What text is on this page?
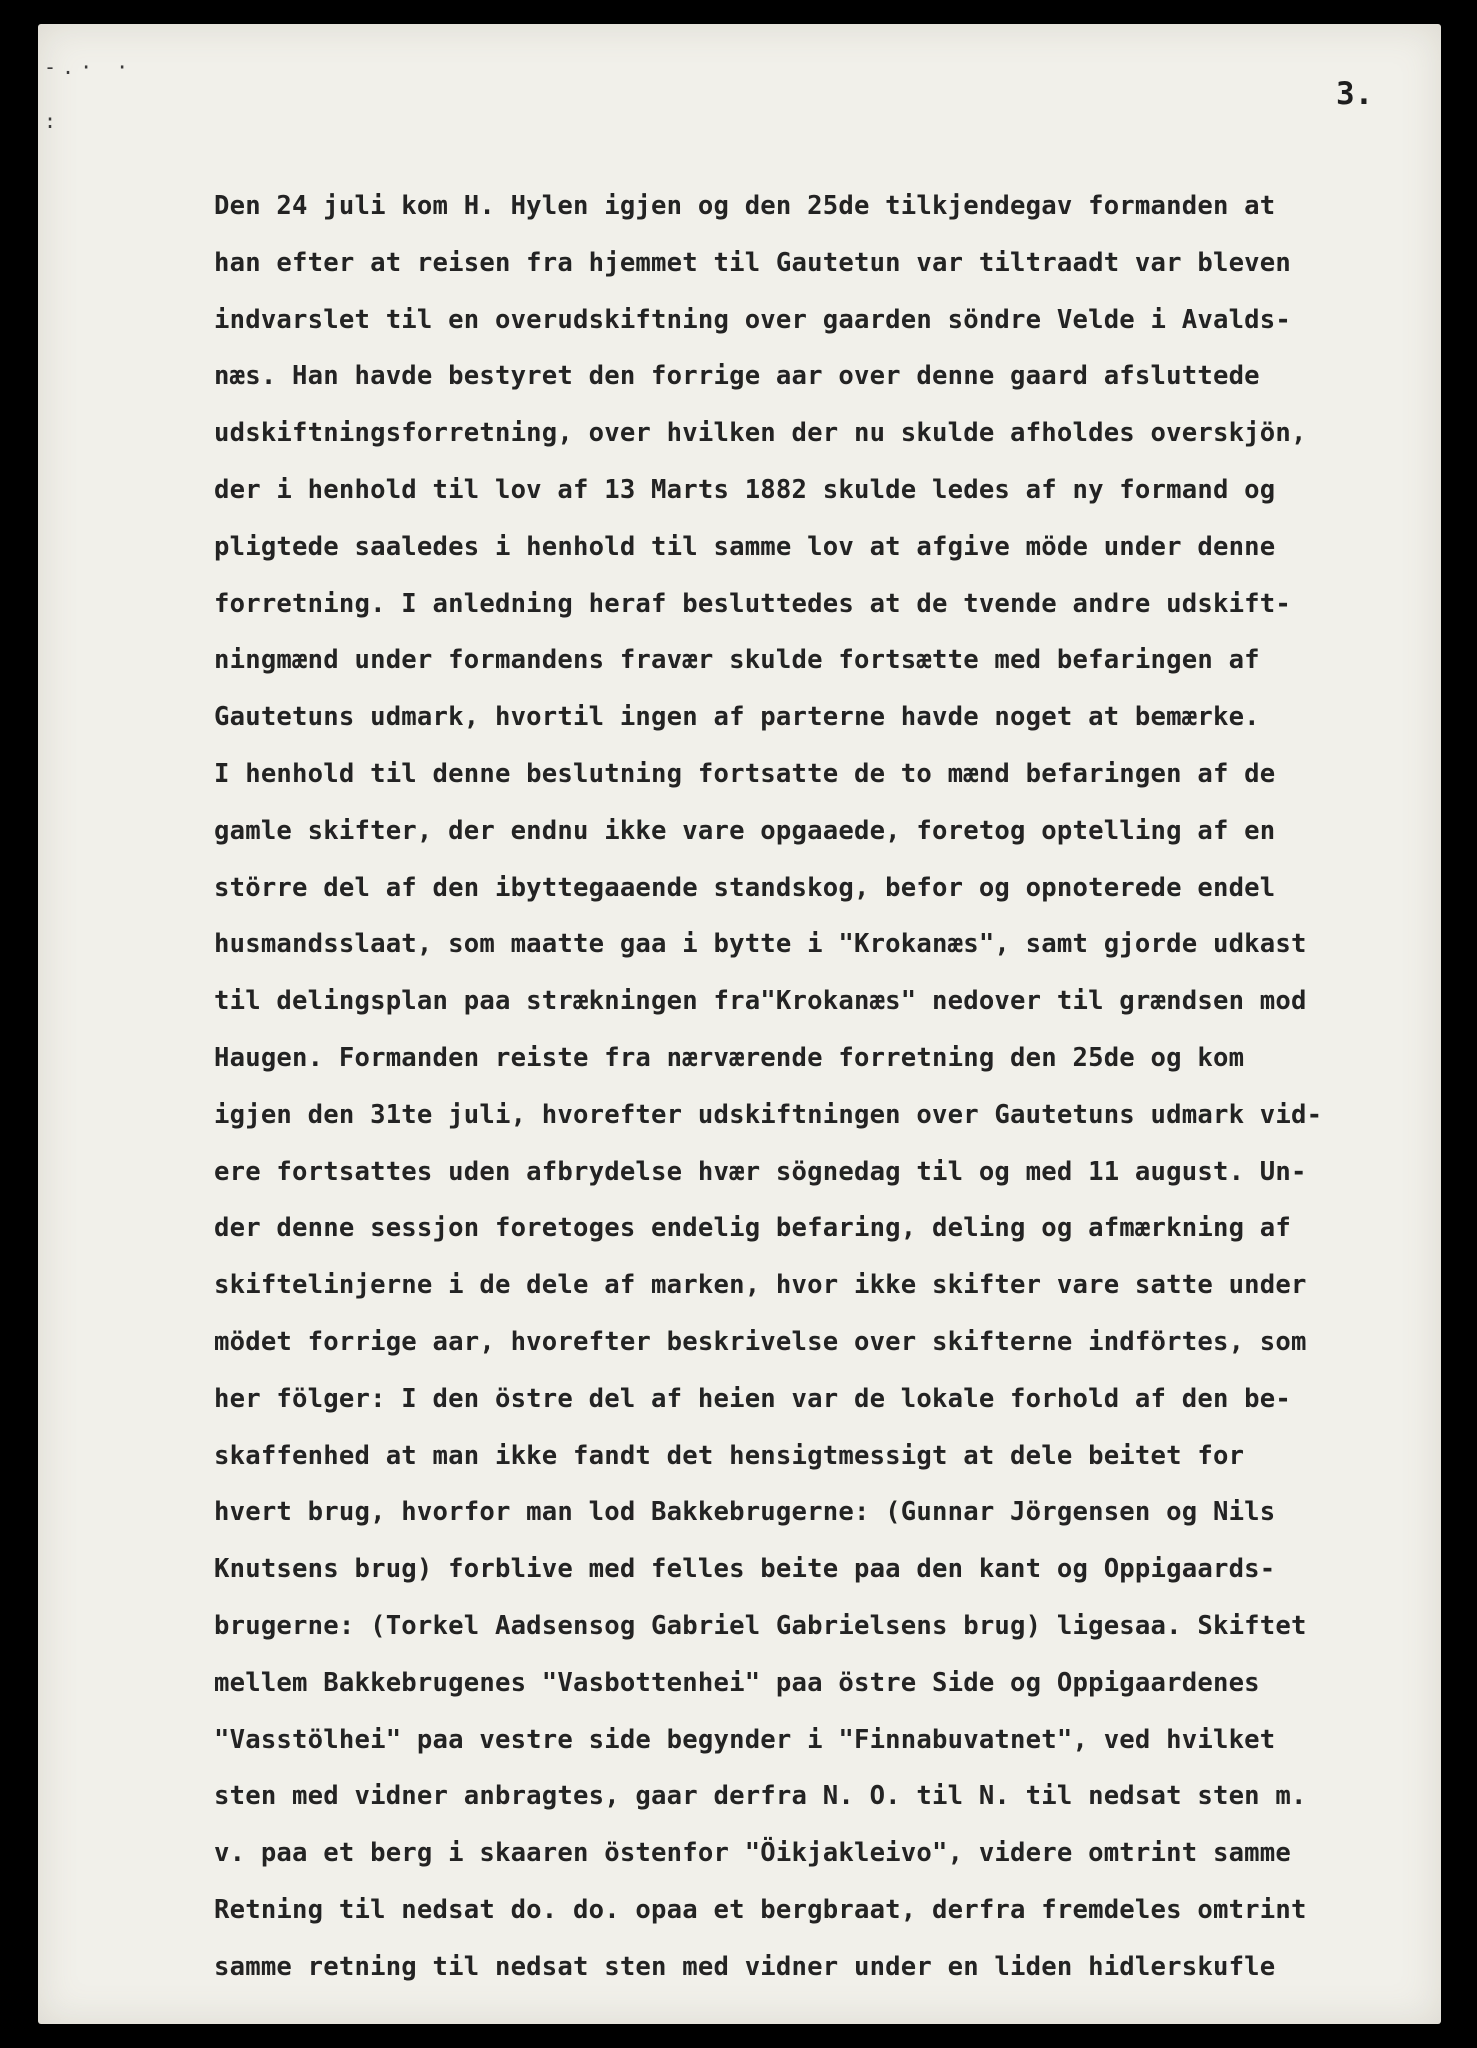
-.· ·
:
3.
Den 24 juli kom H. Hylen igjen og den 25de tilkjendegav formanden at
han efter at reisen fra hjemmet til Gautetun var tiltraadt var bleven
indvarslet til en overudskiftning over gaarden söndre Velde i Avalds-
næs. Han havde bestyret den forrige aar over denne gaard afsluttede
udskiftningsforretning, over hvilken der nu skulde afholdes overskjön,
der i henhold til lov af 13 Marts 1882 skulde ledes af ny formand og
pligtede saaledes i henhold til samme lov at afgive möde under denne
forretning. I anledning heraf besluttedes at de tvende andre udskift-
ningmænd under formandens fravær skulde fortsætte med befaringen af
Gautetuns udmark, hvortil ingen af parterne havde noget at bemærke.
I henhold til denne beslutning fortsatte de to mænd befaringen af de
gamle skifter, der endnu ikke vare opgaaede, foretog optelling af en
större del af den ibyttegaaende standskog, befor og opnoterede endel
husmandsslaat, som maatte gaa i bytte i "Krokanæs", samt gjorde udkast
til delingsplan paa strækningen fra"Krokanæs" nedover til grændsen mod
Haugen. Formanden reiste fra nærværende forretning den 25de og kom
igjen den 31te juli, hvorefter udskiftningen over Gautetuns udmark vid-
ere fortsattes uden afbrydelse hvær sögnedag til og med 11 august. Un-
der denne sessjon foretoges endelig befaring, deling og afmærkning af
skiftelinjerne i de dele af marken, hvor ikke skifter vare satte under
mödet forrige aar, hvorefter beskrivelse over skifterne indförtes, som
her fölger: I den östre del af heien var de lokale forhold af den be-
skaffenhed at man ikke fandt det hensigtmessigt at dele beitet for
hvert brug, hvorfor man lod Bakkebrugerne: (Gunnar Jörgensen og Nils
Knutsens brug) forblive med felles beite paa den kant og Oppigaards-
brugerne: (Torkel Aadsensog Gabriel Gabrielsens brug) ligesaa. Skiftet
mellem Bakkebrugenes "Vasbottenhei" paa östre Side og Oppigaardenes
"Vasstölhei" paa vestre side begynder i "Finnabuvatnet", ved hvilket
sten med vidner anbragtes, gaar derfra N. O. til N. til nedsat sten m.
v. paa et berg i skaaren östenfor "Öikjakleivo", videre omtrint samme
Retning til nedsat do. do. opaa et bergbraat, derfra fremdeles omtrint
samme retning til nedsat sten med vidner under en liden hidlerskufle
